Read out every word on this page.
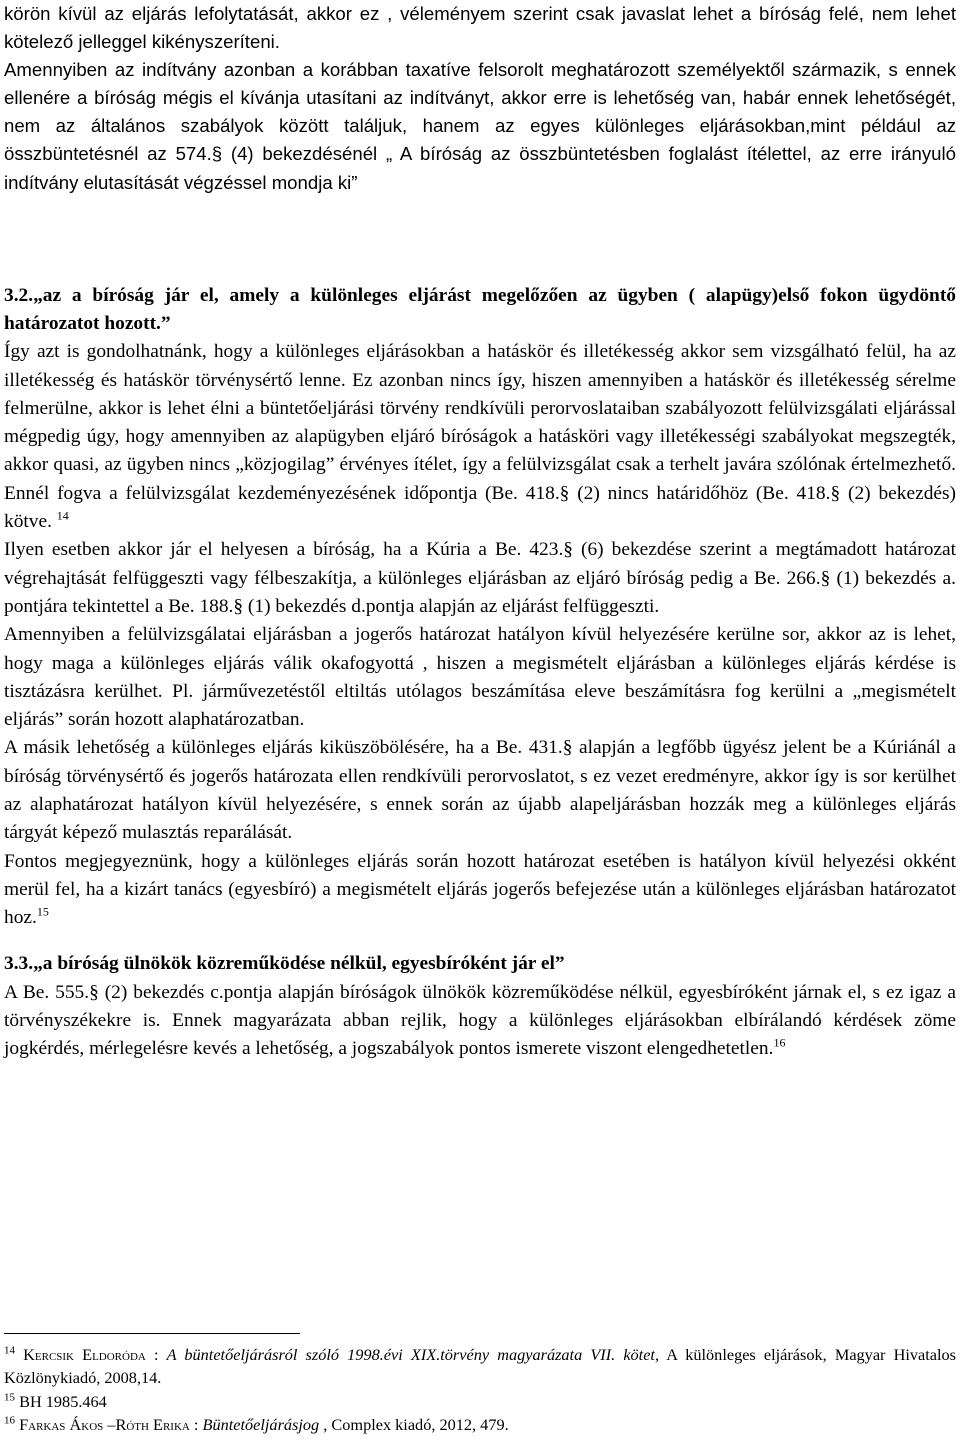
körön kívül az eljárás lefolytatását, akkor ez , véleményem szerint csak javaslat lehet a bíróság felé, nem lehet kötelező jelleggel kikényszeríteni.

Amennyiben az indítvány azonban a korábban taxatíve felsorolt meghatározott személyektől származik, s ennek ellenére a bíróság mégis el kívánja utasítani az indítványt, akkor erre is lehetőség van, habár ennek lehetőségét, nem az általános szabályok között találjuk, hanem az egyes különleges eljárásokban,mint például az összbüntetésnél az 574.§ (4) bekezdésénél „ A bíróság az összbüntetésben foglalást ítélettel, az erre irányuló indítvány elutasítását végzéssel mondja ki”

3.2.„az a bíróság jár el, amely a különleges eljárást megelőzően az ügyben ( alapügy)első fokon ügydöntő határozatot hozott.”

Így azt is gondolhatnánk, hogy a különleges eljárásokban a hatáskör és illetékesség akkor sem vizsgálható felül, ha az illetékesség és hatáskör törvénysértő lenne. Ez azonban nincs így, hiszen amennyiben a hatáskör és illetékesség sérelme felmerülne, akkor is lehet élni a büntetőeljárási törvény rendkívüli perorvoslataiban szabályozott felülvizsgálati eljárással mégpedig úgy, hogy amennyiben az alapügyben eljáró bíróságok a hatásköri vagy illetékességi szabályokat megszegték, akkor quasi, az ügyben nincs „közjogilag” érvényes ítélet, így a felülvizsgálat csak a terhelt javára szólónak értelmezhető. Ennél fogva a felülvizsgálat kezdeményezésének időpontja (Be. 418.§ (2) nincs határidőhöz (Be. 418.§ (2) bekezdés) kötve. $^{14}$

Ilyen esetben akkor jár el helyesen a bíróság, ha a Kúria a Be. 423.§ (6) bekezdése szerint a megtámadott határozat végrehajtását felfüggeszti vagy félbeszakítja, a különleges eljárásban az eljáró bíróság pedig a Be. 266.§ (1) bekezdés a. pontjára tekintettel a Be. 188.§ (1) bekezdés d.pontja alapján az eljárást felfüggeszti.

Amennyiben a felülvizsgálatai eljárásban a jogerős határozat hatályon kívül helyezésére kerülne sor, akkor az is lehet, hogy maga a különleges eljárás válik okafogyottá , hiszen a megismételt eljárásban a különleges eljárás kérdése is tisztázásra kerülhet. Pl. járművezetéstől eltiltás utólagos beszámítása eleve beszámításra fog kerülni a „megismételt eljárás” során hozott alaphatározatban.

A másik lehetőség a különleges eljárás kiküszöbölésére, ha a Be. 431.§ alapján a legfőbb ügyész jelent be a Kúriánál a bíróság törvénysértő és jogerős határozata ellen rendkívüli perorvoslatot, s ez vezet eredményre, akkor így is sor kerülhet az alaphatározat hatályon kívül helyezésére, s ennek során az újabb alapeljárásban hozzák meg a különleges eljárás tárgyát képező mulasztás reparálását.

Fontos megjegyeznünk, hogy a különleges eljárás során hozott határozat esetében is hatályon kívül helyezési okként merül fel, ha a kizárt tanács (egyesbíró) a megismételt eljárás jogerős befejezése után a különleges eljárásban határozatot hoz.$^{15}$

3.3.„a bíróság ülnökök közreműködése nélkül, egyesbíróként jár el”

A Be. 555.§ (2) bekezdés c.pontja alapján bíróságok ülnökök közreműködése nélkül, egyesbíróként járnak el, s ez igaz a törvényszékekre is. Ennek magyarázata abban rejlik, hogy a különleges eljárásokban elbírálandó kérdések zöme jogkérdés, mérlegelésre kevés a lehetőség, a jogszabályok pontos ismerete viszont elengedhetetlen.$^{16}$

$^{14}$ Kercsik Eldoróda : A büntetőeljárásról szóló 1998.évi XIX.törvény magyarázata VII. kötet, A különleges eljárások, Magyar Hivatalos Közlönykiadó, 2008,14.
$^{15}$ BH 1985.464
$^{16}$ Farkas Ákos –Róth Erika : Büntetőeljárásjog , Complex kiadó, 2012, 479.
